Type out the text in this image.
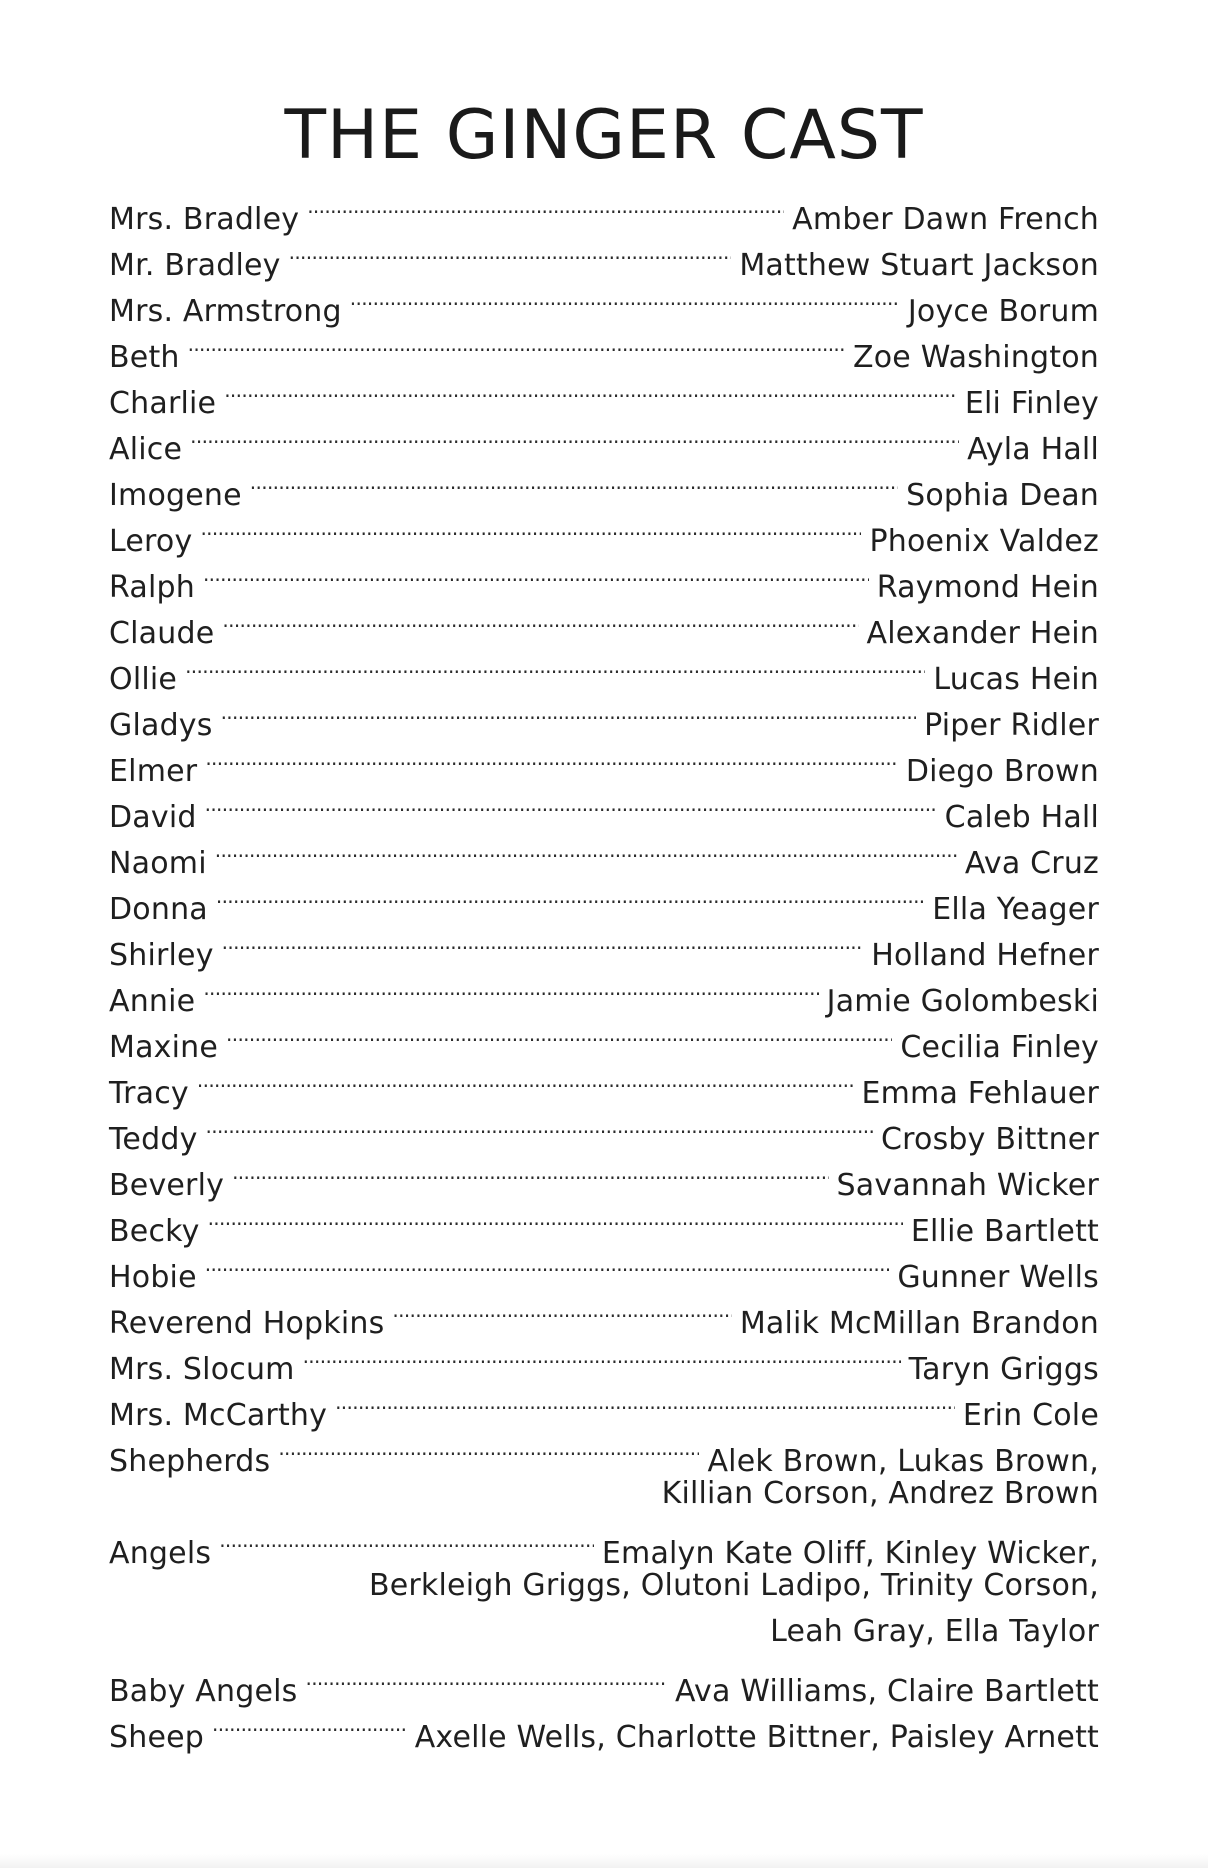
THE GINGER CAST
Mrs. Bradley . . .	Amber Dawn French
Mr. Bradley . . .	Matthew Stuart Jackson
Mrs. Armstrong . . .	Joyce Borum
Beth . . .	Zoe Washington
Charlie . . .	Eli Finley
Alice . . .	Ayla Hall
Imogene . . .	Sophia Dean
Leroy . . .	Phoenix Valdez
Ralph . . .	Raymond Hein
Claude . . .	Alexander Hein
Ollie . . .	Lucas Hein
Gladys . . .	Piper Ridler
Elmer . . .	Diego Brown
David . . .	Caleb Hall
Naomi . . .	Ava Cruz
Donna . . .	Ella Yeager
Shirley . . .	Holland Hefner
Annie . . .	Jamie Golombeski
Maxine . . .	Cecilia Finley
Tracy . . .	Emma Fehlauer
Teddy . . .	Crosby Bittner
Beverly . . .	Savannah Wicker
Becky . . .	Ellie Bartlett
Hobie . . .	Gunner Wells
Reverend Hopkins . . .	Malik McMillan Brandon
Mrs. Slocum . . .	Taryn Griggs
Mrs. McCarthy . . .	Erin Cole
Shepherds . . .	Alek Brown, Lukas Brown,
Killian Corson, Andrez Brown
Angels . . .	Emalyn Kate Oliff, Kinley Wicker,
Berkleigh Griggs, Olutoni Ladipo, Trinity Corson,
Leah Gray, Ella Taylor
Baby Angels . . .	Ava Williams, Claire Bartlett
Sheep . . .	Axelle Wells, Charlotte Bittner, Paisley Arnett
